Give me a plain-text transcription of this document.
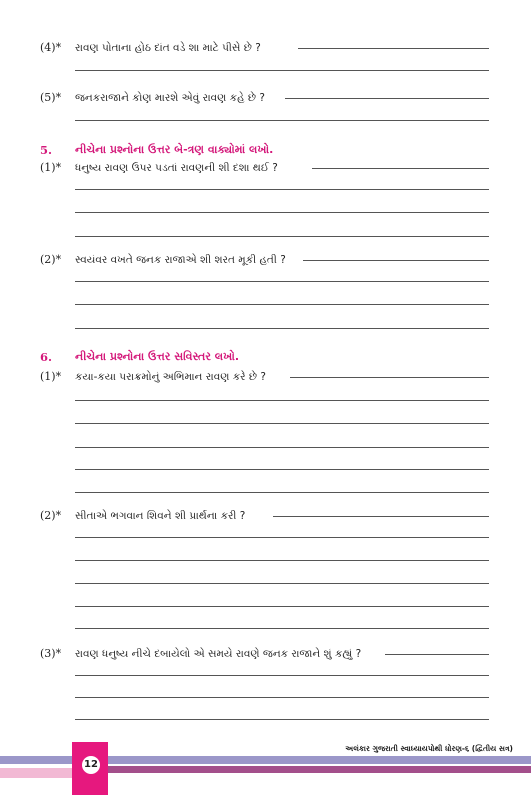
(4)* રાવણ પોતાના હોઠ દાંત વડે શા માટે પીસે છે ?
(5)* જનકરાજાને કોણ મારશે એવું રાવણ કહે છે ?
5. નીચેના પ્રશ્નોના ઉત્તર બે-ત્રણ વાક્યોમાં લખો.
(1)* ધનુષ્ય રાવણ ઉપર પડતાં રાવણની શી દશા થઈ ?
(2)* સ્વયંવર વખતે જનક રાજાએ શી શરત મૂકી હતી ?
6. નીચેના પ્રશ્નોના ઉત્તર સવિસ્તર લખો.
(1)* કયા-કયા પરાક્રમોનું અભિમાન રાવણ કરે છે ?
(2)* સીતાએ ભગવાન શિવને શી પ્રાર્થના કરી ?
(3)* રાવણ ધનુષ્ય નીચે દબાયેલો એ સમયે રાવણે જનક રાજાને શું કહ્યું ?
12
અલંકાર ગુજરાતી સ્વાધ્યાયપોથી ધોરણ-૬ (દ્વિતીય સત્ર)
